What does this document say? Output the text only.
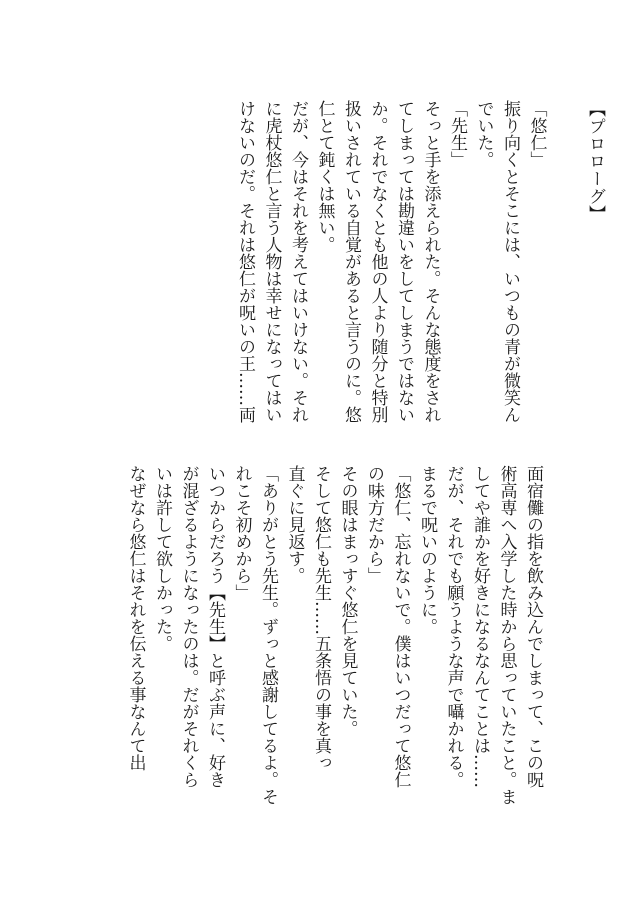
【プロローグ】

「悠仁」

振り向くとそこには、いつもの青が微笑ん

でいた。

「先生」

そっと手を添えられた。そんな態度をされ

てしまっては勘違いをしてしまうではない

か。それでなくとも他の人より随分と特別

扱いされている自覚があると言うのに。悠

仁とて鈍くは無い。

だが、今はそれを考えてはいけない。それ

に虎杖悠仁と言う人物は幸せになってはい

けないのだ。それは悠仁が呪いの王……両

面宿儺の指を飲み込んでしまって、この呪

術高専へ入学した時から思っていたこと。ま

してや誰かを好きになるなんてことは……

だが、それでも願うような声で囁かれる。

まるで呪いのように。

「悠仁、忘れないで。僕はいつだって悠仁

の味方だから」

その眼はまっすぐ悠仁を見ていた。

そして悠仁も先生……五条悟の事を真っ

直ぐに見返す。

「ありがとう先生。ずっと感謝してるよ。そ

れこそ初めから」

いつからだろう【先生】と呼ぶ声に、好き

が混ざるようになったのは。だがそれくら

いは許して欲しかった。

なぜなら悠仁はそれを伝える事なんて出
